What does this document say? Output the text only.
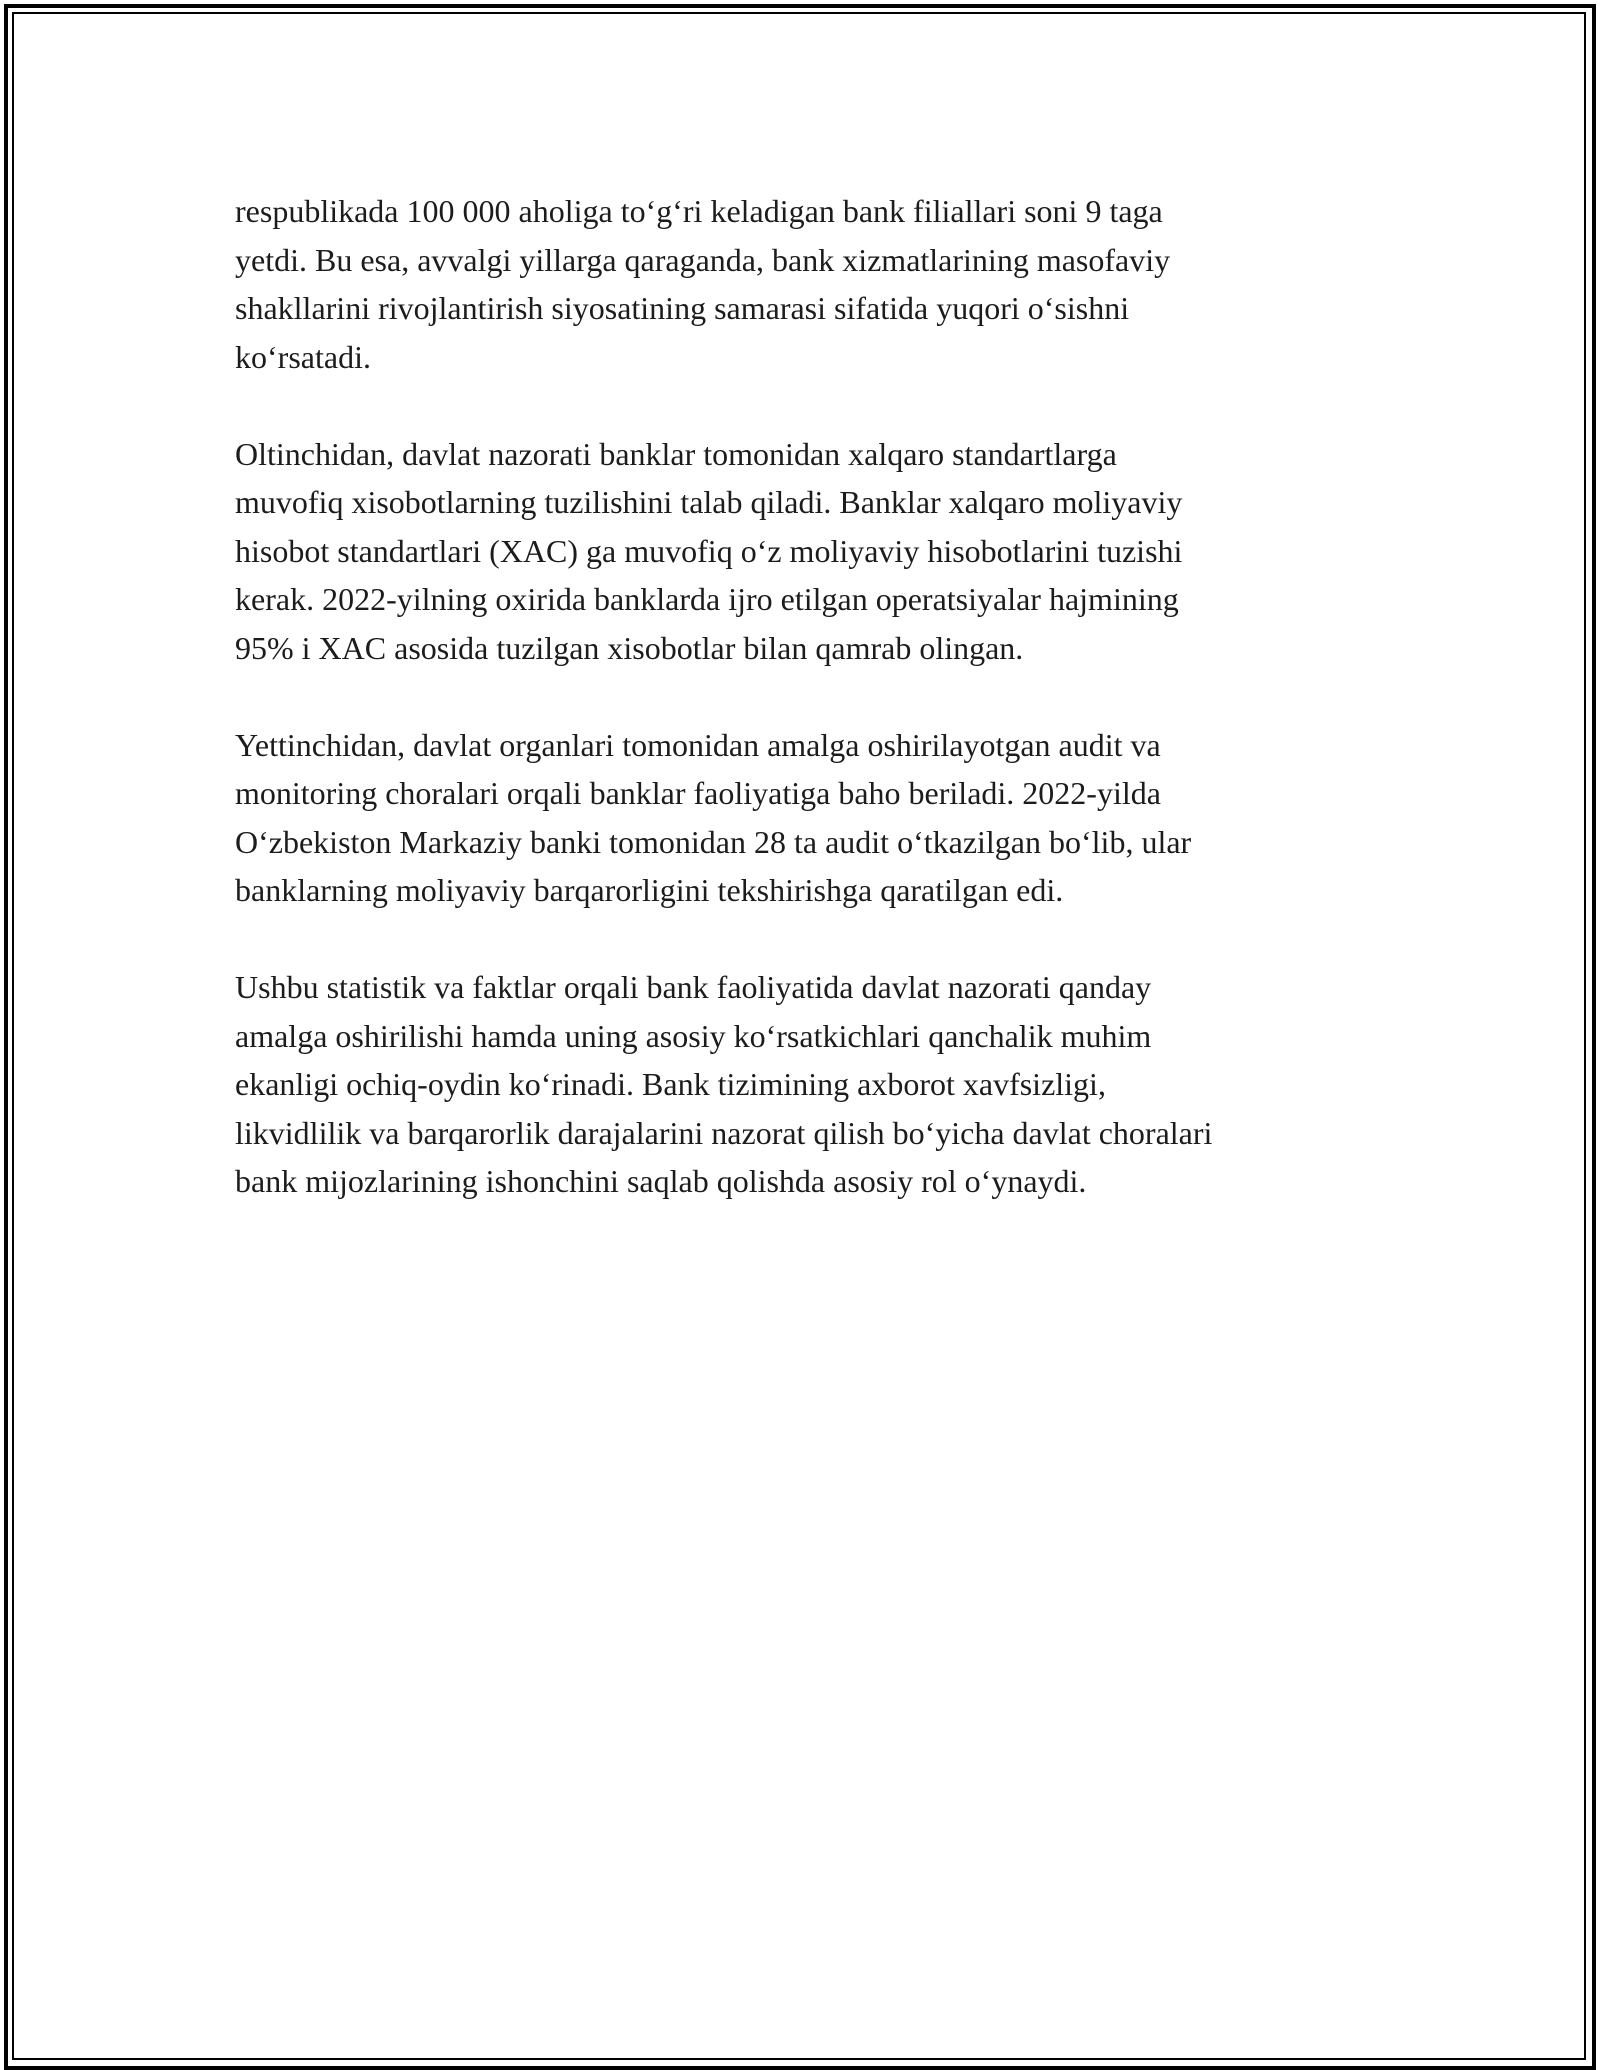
respublikada 100 000 aholiga toʻgʻri keladigan bank filiallari soni 9 taga
yetdi. Bu esa, avvalgi yillarga qaraganda, bank xizmatlarining masofaviy
shakllarini rivojlantirish siyosatining samarasi sifatida yuqori oʻsishni
koʻrsatadi.

Oltinchidan, davlat nazorati banklar tomonidan xalqaro standartlarga
muvofiq xisobotlarning tuzilishini talab qiladi. Banklar xalqaro moliyaviy
hisobot standartlari (XAC) ga muvofiq oʻz moliyaviy hisobotlarini tuzishi
kerak. 2022-yilning oxirida banklarda ijro etilgan operatsiyalar hajmining
95% i XAC asosida tuzilgan xisobotlar bilan qamrab olingan.

Yettinchidan, davlat organlari tomonidan amalga oshirilayotgan audit va
monitoring choralari orqali banklar faoliyatiga baho beriladi. 2022-yilda
Oʻzbekiston Markaziy banki tomonidan 28 ta audit oʻtkazilgan boʻlib, ular
banklarning moliyaviy barqarorligini tekshirishga qaratilgan edi.

Ushbu statistik va faktlar orqali bank faoliyatida davlat nazorati qanday
amalga oshirilishi hamda uning asosiy koʻrsatkichlari qanchalik muhim
ekanligi ochiq-oydin koʻrinadi. Bank tizimining axborot xavfsizligi,
likvidlilik va barqarorlik darajalarini nazorat qilish boʻyicha davlat choralari
bank mijozlarining ishonchini saqlab qolishda asosiy rol oʻynaydi.
